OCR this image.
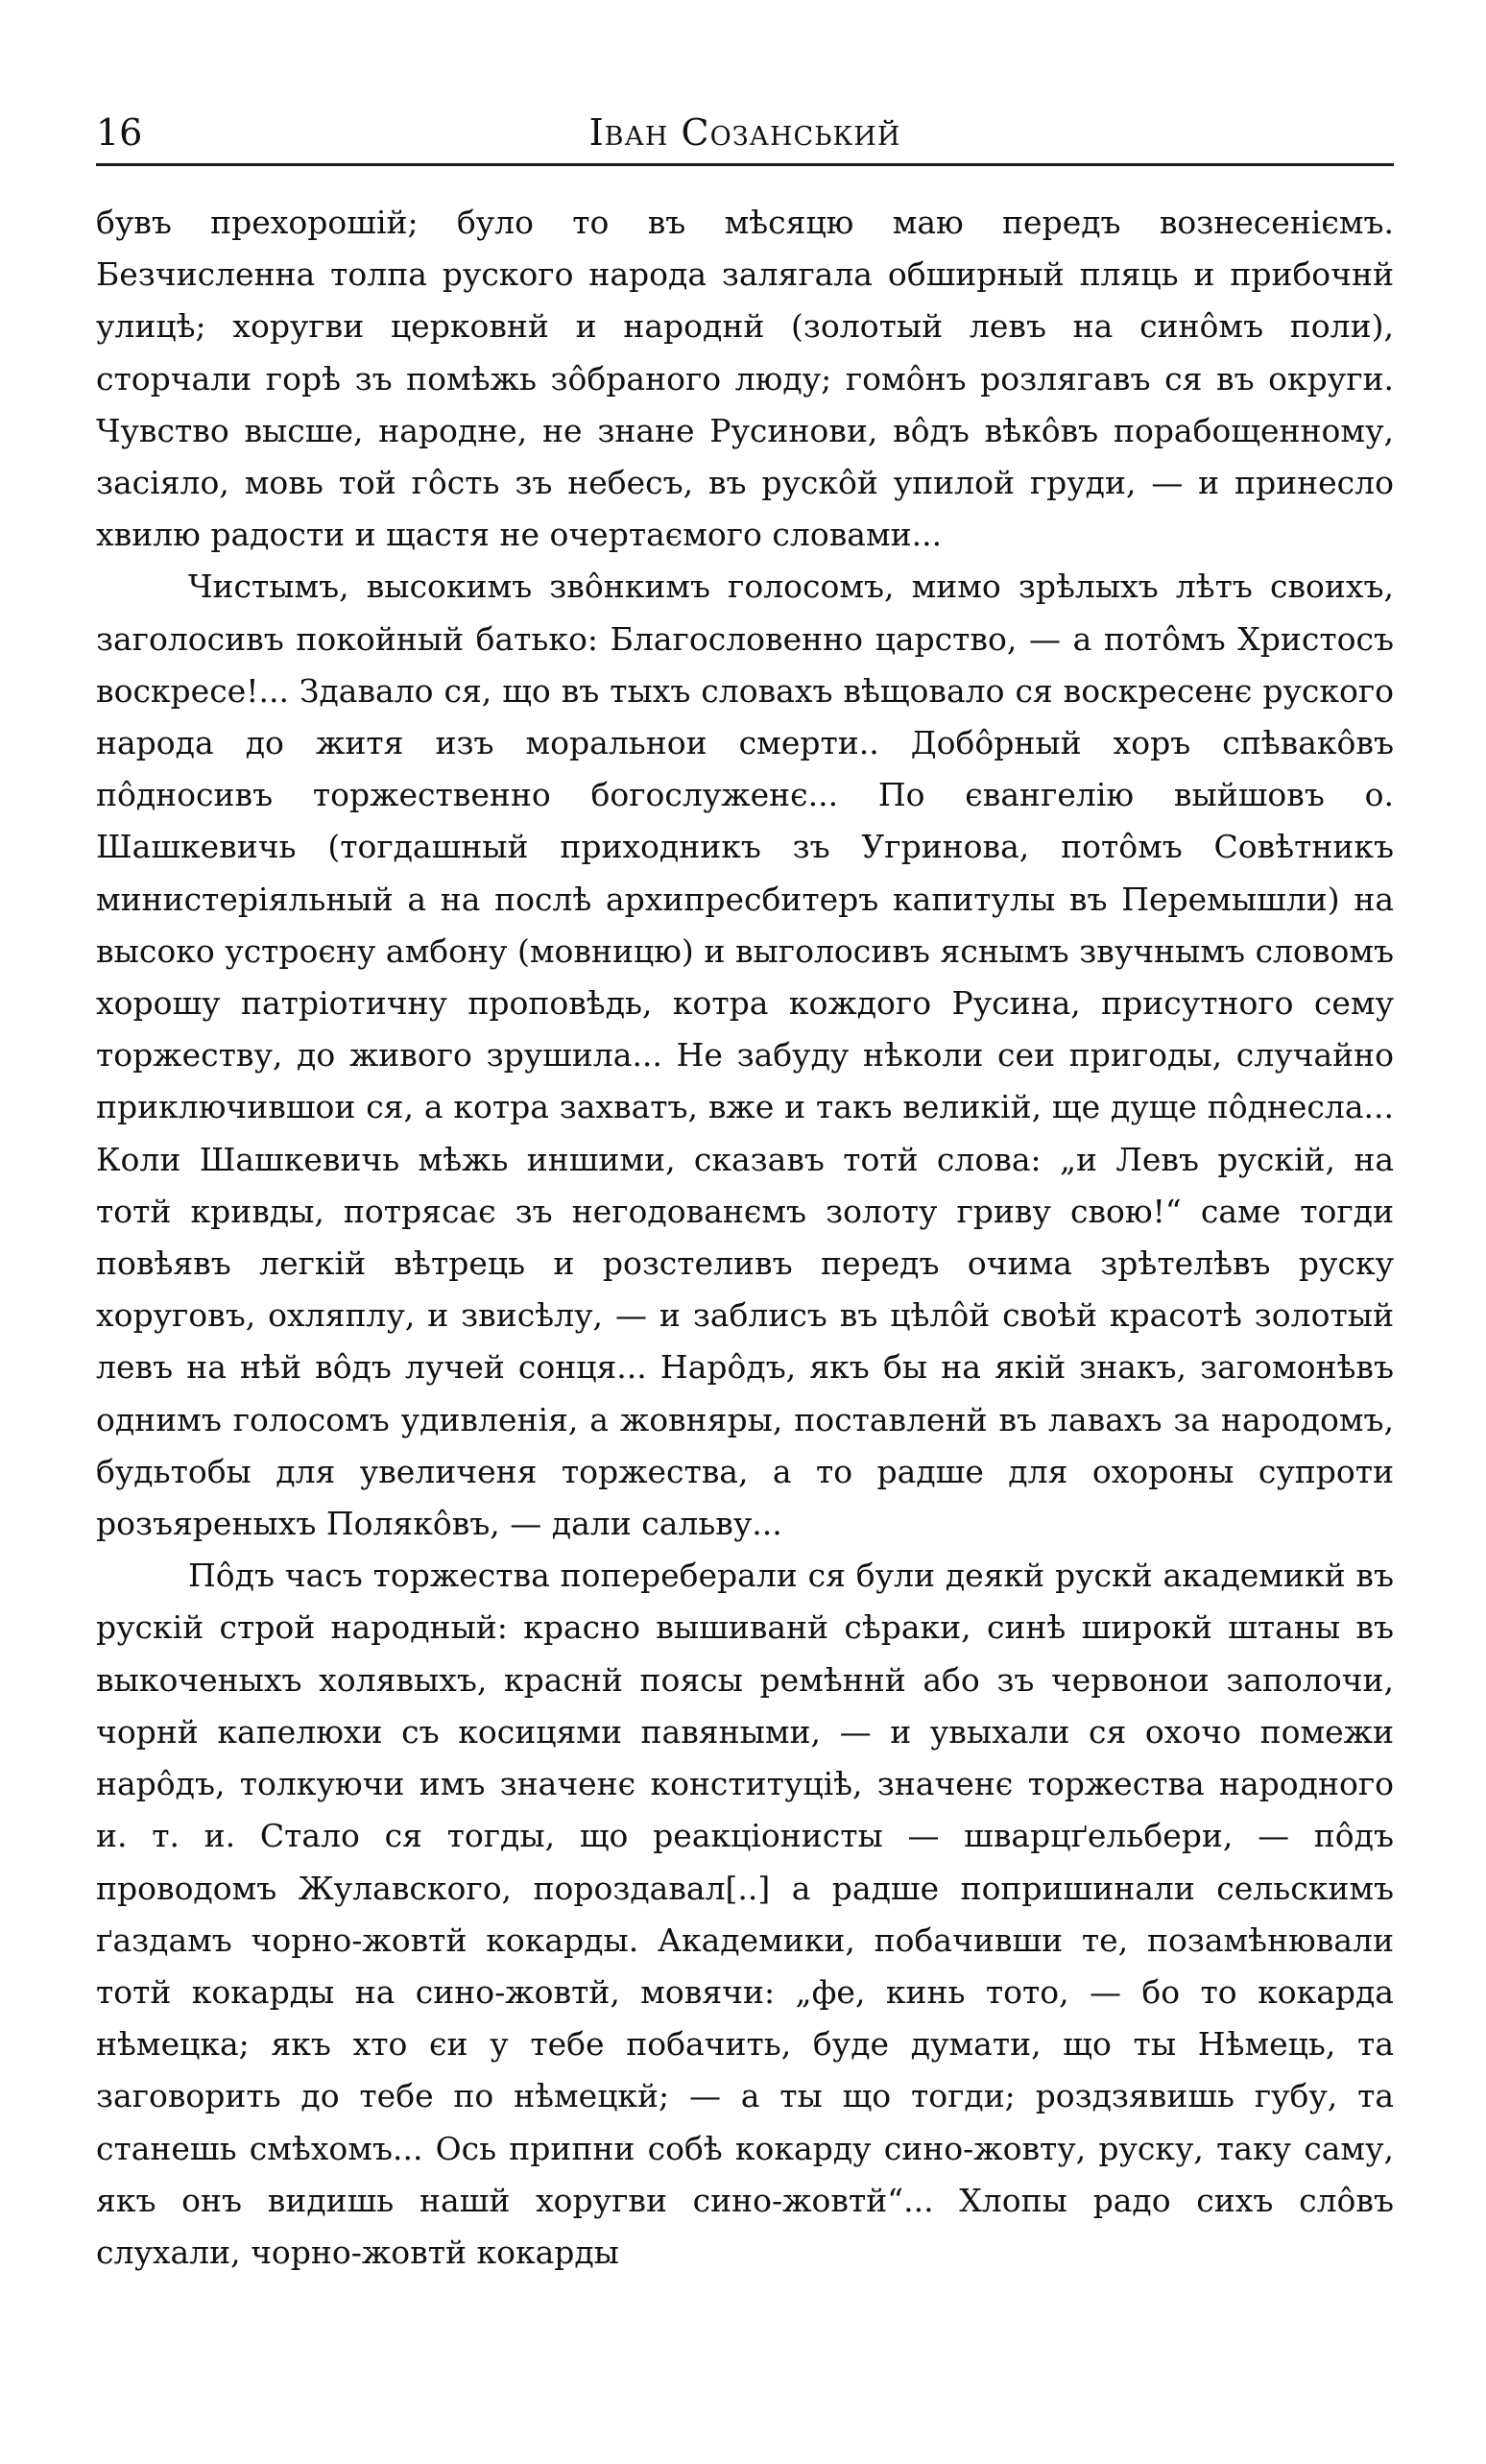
16	Іван Созанський

бувъ прехорошій; було то въ мѣсяцю маю передъ вознесеніємъ. Безчисленна толпа руского народа залягала обширный пляць и прибочнй улицѣ; хоругви церковнй и народнй (золотый левъ на синôмъ поли), сторчали горѣ зъ помѣжь зôбраного люду; гомôнъ розлягавъ ся въ округи. Чувство высше, народне, не знане Русинови, вôдъ вѣкôвъ порабощенному, засіяло, мовь той гôсть зъ небесъ, въ рускôй упилой груди, — и принесло хвилю радости и щастя не очертаємого словами...

Чистымъ, высокимъ звôнкимъ голосомъ, мимо зрѣлыхъ лѣтъ своихъ, заголосивъ покойный батько: Благословенно царство, — а потôмъ Христосъ воскресе!... Здавало ся, що въ тыхъ словахъ вѣщовало ся воскресенє руского народа до житя изъ моральнои смерти.. Добôрный хоръ спѣвакôвъ пôдносивъ торжественно богослуженє... По євангелію выйшовъ о. Шашкевичь (тогдашный приходникъ зъ Угринова, потôмъ Совѣтникъ министеріяльный а на послѣ архипресбитеръ капитулы въ Перемышли) на высоко устроєну амбону (мовницю) и выголосивъ яснымъ звучнымъ словомъ хорошу патріотичну проповѣдь, котра кождого Русина, присутного сему торжеству, до живого зрушила... Не забуду нѣколи сеи пригоды, случайно приключившои ся, а котра захватъ, вже и такъ великій, ще дуще пôднесла... Коли Шашкевичь мѣжь иншими, сказавъ тотй слова: „и Левъ рускій, на тотй кривды, потрясає зъ негодованємъ золоту гриву свою!“ саме тогди повѣявъ легкій вѣтрець и розстеливъ передъ очима зрѣтелѣвъ руску хоруговъ, охляплу, и звисѣлу, — и заблисъ въ цѣлôй своѣй красотѣ золотый левъ на нѣй вôдъ лучей сонця... Нарôдъ, якъ бы на якій знакъ, загомонѣвъ однимъ голосомъ удивленія, а жовняры, поставленй въ лавахъ за народомъ, будьтобы для увеличеня торжества, а то радше для охороны супроти розъяреныхъ Полякôвъ, — дали сальву...

Пôдъ часъ торжества попереберали ся були деякй рускй академикй въ рускій строй народный: красно вышиванй сѣраки, синѣ широкй штаны въ выкоченыхъ холявыхъ, краснй поясы ремѣннй або зъ червонои заполочи, чорнй капелюхи съ косицями павяными, — и увыхали ся охочо помежи нарôдъ, толкуючи имъ значенє конституціѣ, значенє торжества народного и. т. и. Стало ся тогды, що реакціонисты — шварцґельбери, — пôдъ проводомъ Жулавского, пороздавал[..] а радше попришинали сельскимъ ґаздамъ чорно-жовтй кокарды. Академики, побачивши те, позамѣнювали тотй кокарды на сино-жовтй, мовячи: „фе, кинь тото, — бо то кокарда нѣмецка; якъ хто єи у тебе побачить, буде думати, що ты Нѣмець, та заговорить до тебе по нѣмецкй; — а ты що тогди; роздзявишь губу, та станешь смѣхомъ... Ось припни собѣ кокарду сино-жовту, руску, таку саму, якъ онъ видишь нашй хоругви сино-жовтй“... Хлопы радо сихъ слôвъ слухали, чорно-жовтй кокарды
